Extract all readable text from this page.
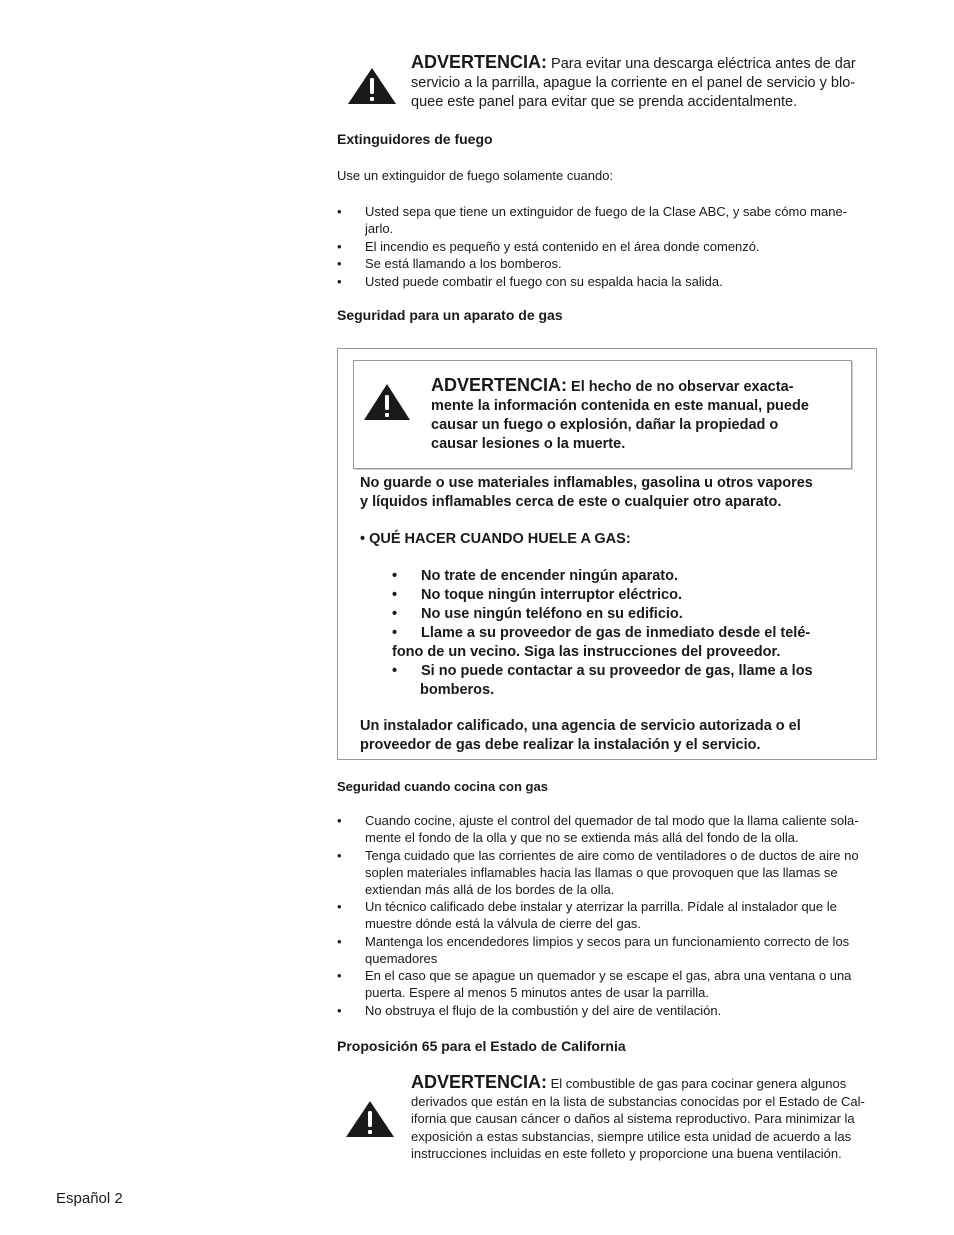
ADVERTENCIA: Para evitar una descarga eléctrica antes de dar
servicio a la parrilla, apague la corriente en el panel de servicio y blo-
quee este panel para evitar que se prenda accidentalmente.
Extinguidores de fuego
Use un extinguidor de fuego solamente cuando:
• Usted sepa que tiene un extinguidor de fuego de la Clase ABC, y sabe cómo mane-
jarlo.
• El incendio es pequeño y está contenido en el área donde comenzó.
• Se está llamando a los bomberos.
• Usted puede combatir el fuego con su espalda hacia la salida.
Seguridad para un aparato de gas
ADVERTENCIA: El hecho de no observar exacta-
mente la información contenida en este manual, puede
causar un fuego o explosión, dañar la propiedad o
causar lesiones o la muerte.
No guarde o use materiales inflamables, gasolina u otros vapores
y líquidos inflamables cerca de este o cualquier otro aparato.
• QUÉ HACER CUANDO HUELE A GAS:
• No trate de encender ningún aparato.
• No toque ningún interruptor eléctrico.
• No use ningún teléfono en su edificio.
• Llame a su proveedor de gas de inmediato desde el telé-
fono de un vecino. Siga las instrucciones del proveedor.
• Si no puede contactar a su proveedor de gas, llame a los
bomberos.
Un instalador calificado, una agencia de servicio autorizada o el
proveedor de gas debe realizar la instalación y el servicio.
Seguridad cuando cocina con gas
• Cuando cocine, ajuste el control del quemador de tal modo que la llama caliente sola-
mente el fondo de la olla y que no se extienda más allá del fondo de la olla.
• Tenga cuidado que las corrientes de aire como de ventiladores o de ductos de aire no
soplen materiales inflamables hacia las llamas o que provoquen que las llamas se
extiendan más allá de los bordes de la olla.
• Un técnico calificado debe instalar y aterrizar la parrilla. Pídale al instalador que le
muestre dónde está la válvula de cierre del gas.
• Mantenga los encendedores limpios y secos para un funcionamiento correcto de los
quemadores
• En el caso que se apague un quemador y se escape el gas, abra una ventana o una
puerta. Espere al menos 5 minutos antes de usar la parrilla.
• No obstruya el flujo de la combustión y del aire de ventilación.
Proposición 65 para el Estado de California
ADVERTENCIA: El combustible de gas para cocinar genera algunos
derivados que están en la lista de substancias conocidas por el Estado de Cal-
ifornia que causan cáncer o daños al sistema reproductivo. Para minimizar la
exposición a estas substancias, siempre utilice esta unidad de acuerdo a las
instrucciones incluidas en este folleto y proporcione una buena ventilación.
Español 2
